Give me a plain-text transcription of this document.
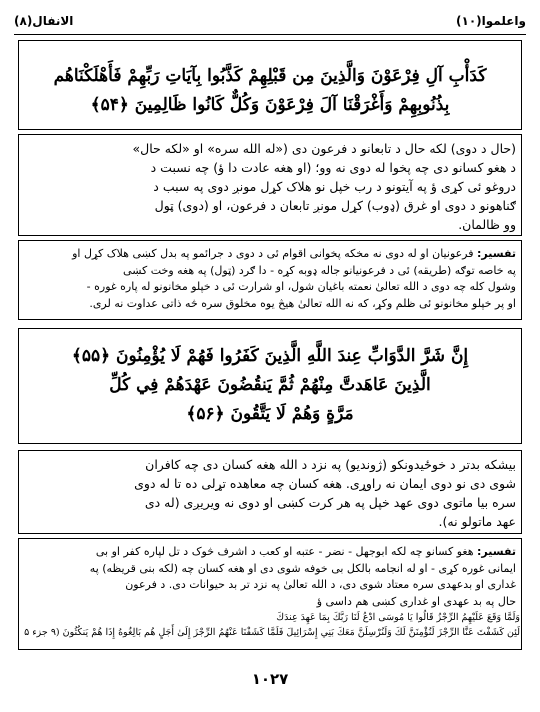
واعلموا(۱۰)
الانفال(۸)
كَدَأْبِ آلِ فِرْعَوْنَ وَالَّذِينَ مِن قَبْلِهِمْ كَذَّبُوا بِآيَاتِ رَبِّهِمْ فَأَهْلَكْنَاهُم
بِذُنُوبِهِمْ وَأَغْرَقْنَا آلَ فِرْعَوْنَ وَكُلٌّ كَانُوا ظَالِمِينَ ﴿۵۴﴾
(حال د دوی) لکه حال د تابعانو د فرعون دی («له الله سره» او «لکه حال»
د هغو کسانو دی چه پخوا له دوی نه وو؛ (او هغه عادت دا ؤ) چه نسبت د
دروغو ئی کړی ؤ په آیتونو د رب خپل نو هلاک کړل مونږ دوی په سبب د
ګناهونو د دوی او غرق (ډوب) کړل مونږ تابعان د فرعون، او (دوی) ټول
وو ظالمان.
تفسیر: فرعونیان او له دوی نه مخکه پخوانی اقوام ئی د دوی د جرائمو په بدل کښی هلاک کړل او
په خاصه توګه (طریقه) ئی د فرعونیانو جاله ډوبه کړه - دا ګرد (ټول) په هغه وخت کښی
وشول کله چه دوی د الله تعالیٰ نعمته باغیان شول، او شرارت ئی د خپلو مخانونو له پاره غوره -
او پر خپلو مخانونو ئی ظلم وکړ، که نه الله تعالیٰ هیڅ یوه مخلوق سره څه ذاتی عداوت نه لری.
إِنَّ شَرَّ الدَّوَابِّ عِندَ اللَّهِ الَّذِينَ كَفَرُوا فَهُمْ لَا يُؤْمِنُونَ ﴿۵۵﴾
الَّذِينَ عَاهَدتَّ مِنْهُمْ ثُمَّ يَنقُضُونَ عَهْدَهُمْ فِي كُلِّ
مَرَّةٍ وَهُمْ لَا يَتَّقُونَ ﴿۵۶﴾
بیشکه بدتر د خوځیدونکو (ژوندیو) په نزد د الله هغه کسان دی چه کافران
شوی دی نو دوی ایمان نه راوړی. هغه کسان چه معاهده تړلی ده تا له دوی
سره بیا ماتوی دوی عهد خپل په هر کرت کښی او دوی نه ویریږی (له دی
عهد ماتولو نه).
تفسیر: هغو کسانو چه لکه ابوجهل - نضر - عتبه او کعب د اشرف څوک د تل لپاره کفر او بی
ایمانی غوره کړی - او له انجامه بالکل بی خوفه شوی دی او هغه کسان چه (لکه بنی قریظه) په
غداری او بدعهدی سره معتاد شوی دی، د الله تعالیٰ په نزد تر بد حیوانات دی. د فرعون
حال په بد عهدی او غداری کښی هم داسی ؤ
وَلَمَّا وَقَعَ عَلَيْهِمُ الرِّجْزُ قَالُوا يَا مُوسَى ادْعُ لَنَا رَبَّكَ بِمَا عَهِدَ عِندَكَ
لَئِن كَشَفْتَ عَنَّا الرِّجْزَ لَنُؤْمِنَنَّ لَكَ وَلَنُرْسِلَنَّ مَعَكَ بَنِي إِسْرَائِيلَ فَلَمَّا كَشَفْنَا عَنْهُمُ الرِّجْزَ إِلَىٰ أَجَلٍ هُم بَالِغُوهُ إِذَا هُمْ يَنكُثُونَ (۹ جزء ۵
۱۰۲۷
